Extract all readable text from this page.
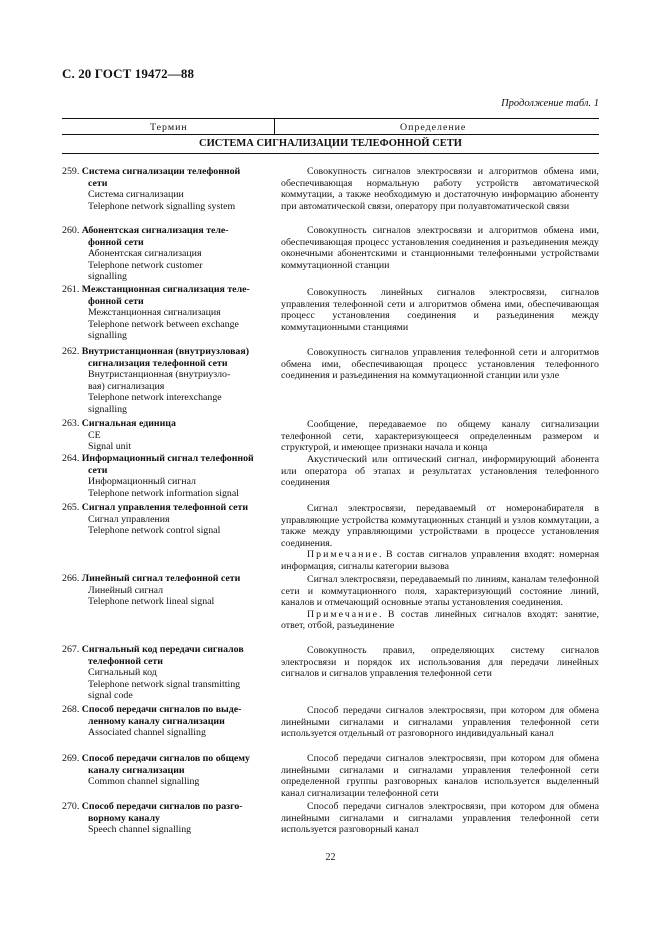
С. 20 ГОСТ 19472—88
Продолжение табл. 1
Термин	Определение
СИСТЕМА СИГНАЛИЗАЦИИ ТЕЛЕФОННОЙ СЕТИ
259. Система сигнализации телефонной
сети
Система сигнализации
Telephone network signalling system

Совокупность сигналов электросвязи и алгоритмов обмена ими, обеспечивающая нормальную работу устройств автоматической коммутации, а также необходимую и достаточную информацию абоненту при автоматической связи, оператору при полуавтоматической связи

260. Абонентская сигнализация теле-
фонной сети
Абонентская сигнализация
Telephone network customer
signalling

Совокупность сигналов электросвязи и алгоритмов обмена ими, обеспечивающая процесс установления соединения и разъединения между оконечными абонентскими и станционными телефонными устройствами коммутационной станции

261. Межстанционная сигнализация теле-
фонной сети
Межстанционная сигнализация
Telephone network between exchange
signalling

Совокупность линейных сигналов электросвязи, сигналов управления телефонной сети и алгоритмов обмена ими, обеспечивающая процесс установления соединения и разъединения между коммутационными станциями

262. Внутристанционная (внутриузловая)
сигнализация телефонной сети
Внутристанционная (внутриузло-
вая) сигнализация
Telephone network interexchange
signalling

Совокупность сигналов управления телефонной сети и алгоритмов обмена ими, обеспечивающая процесс установления телефонного соединения и разъединения на коммутационной станции или узле

263. Сигнальная единица
СЕ
Signal unit

Сообщение, передаваемое по общему каналу сигнализации телефонной сети, характеризующееся определенным размером и структурой, и имеющее признаки начала и конца

264. Информационный сигнал телефонной
сети
Информационный сигнал
Telephone network information signal

Акустический или оптический сигнал, информирующий абонента или оператора об этапах и результатах установления телефонного соединения

265. Сигнал управления телефонной сети
Сигнал управления
Telephone network control signal

Сигнал электросвязи, передаваемый от номеронабирателя в управляющие устройства коммутационных станций и узлов коммутации, а также между управляющими устройствами в процессе установления соединения.

Примечание. В состав сигналов управления входят: номерная информация, сигналы категории вызова

266. Линейный сигнал телефонной сети
Линейный сигнал
Telephone network lineal signal

Сигнал электросвязи, передаваемый по линиям, каналам телефонной сети и коммутационного поля, характеризующий состояние линий, каналов и отмечающий основные этапы установления соединения.

Примечание. В состав линейных сигналов входят: занятие, ответ, отбой, разъединение

267. Сигнальный код передачи сигналов
телефонной сети
Сигнальный код
Telephone network signal transmitting
signal code

Совокупность правил, определяющих систему сигналов электросвязи и порядок их использования для передачи линейных сигналов и сигналов управления телефонной сети

268. Способ передачи сигналов по выде-
ленному каналу сигнализации
Associated channel signalling

Способ передачи сигналов электросвязи, при котором для обмена линейными сигналами и сигналами управления телефонной сети используется отдельный от разговорного индивидуальный канал

269. Способ передачи сигналов по общему
каналу сигнализации
Common channel signalling

Способ передачи сигналов электросвязи, при котором для обмена линейными сигналами и сигналами управления телефонной сети определенной группы разговорных каналов используется выделенный канал сигнализации телефонной сети

270. Способ передачи сигналов по разго-
ворному каналу
Speech channel signalling

Способ передачи сигналов электросвязи, при котором для обмена линейными сигналами и сигналами управления телефонной сети используется разговорный канал

22
